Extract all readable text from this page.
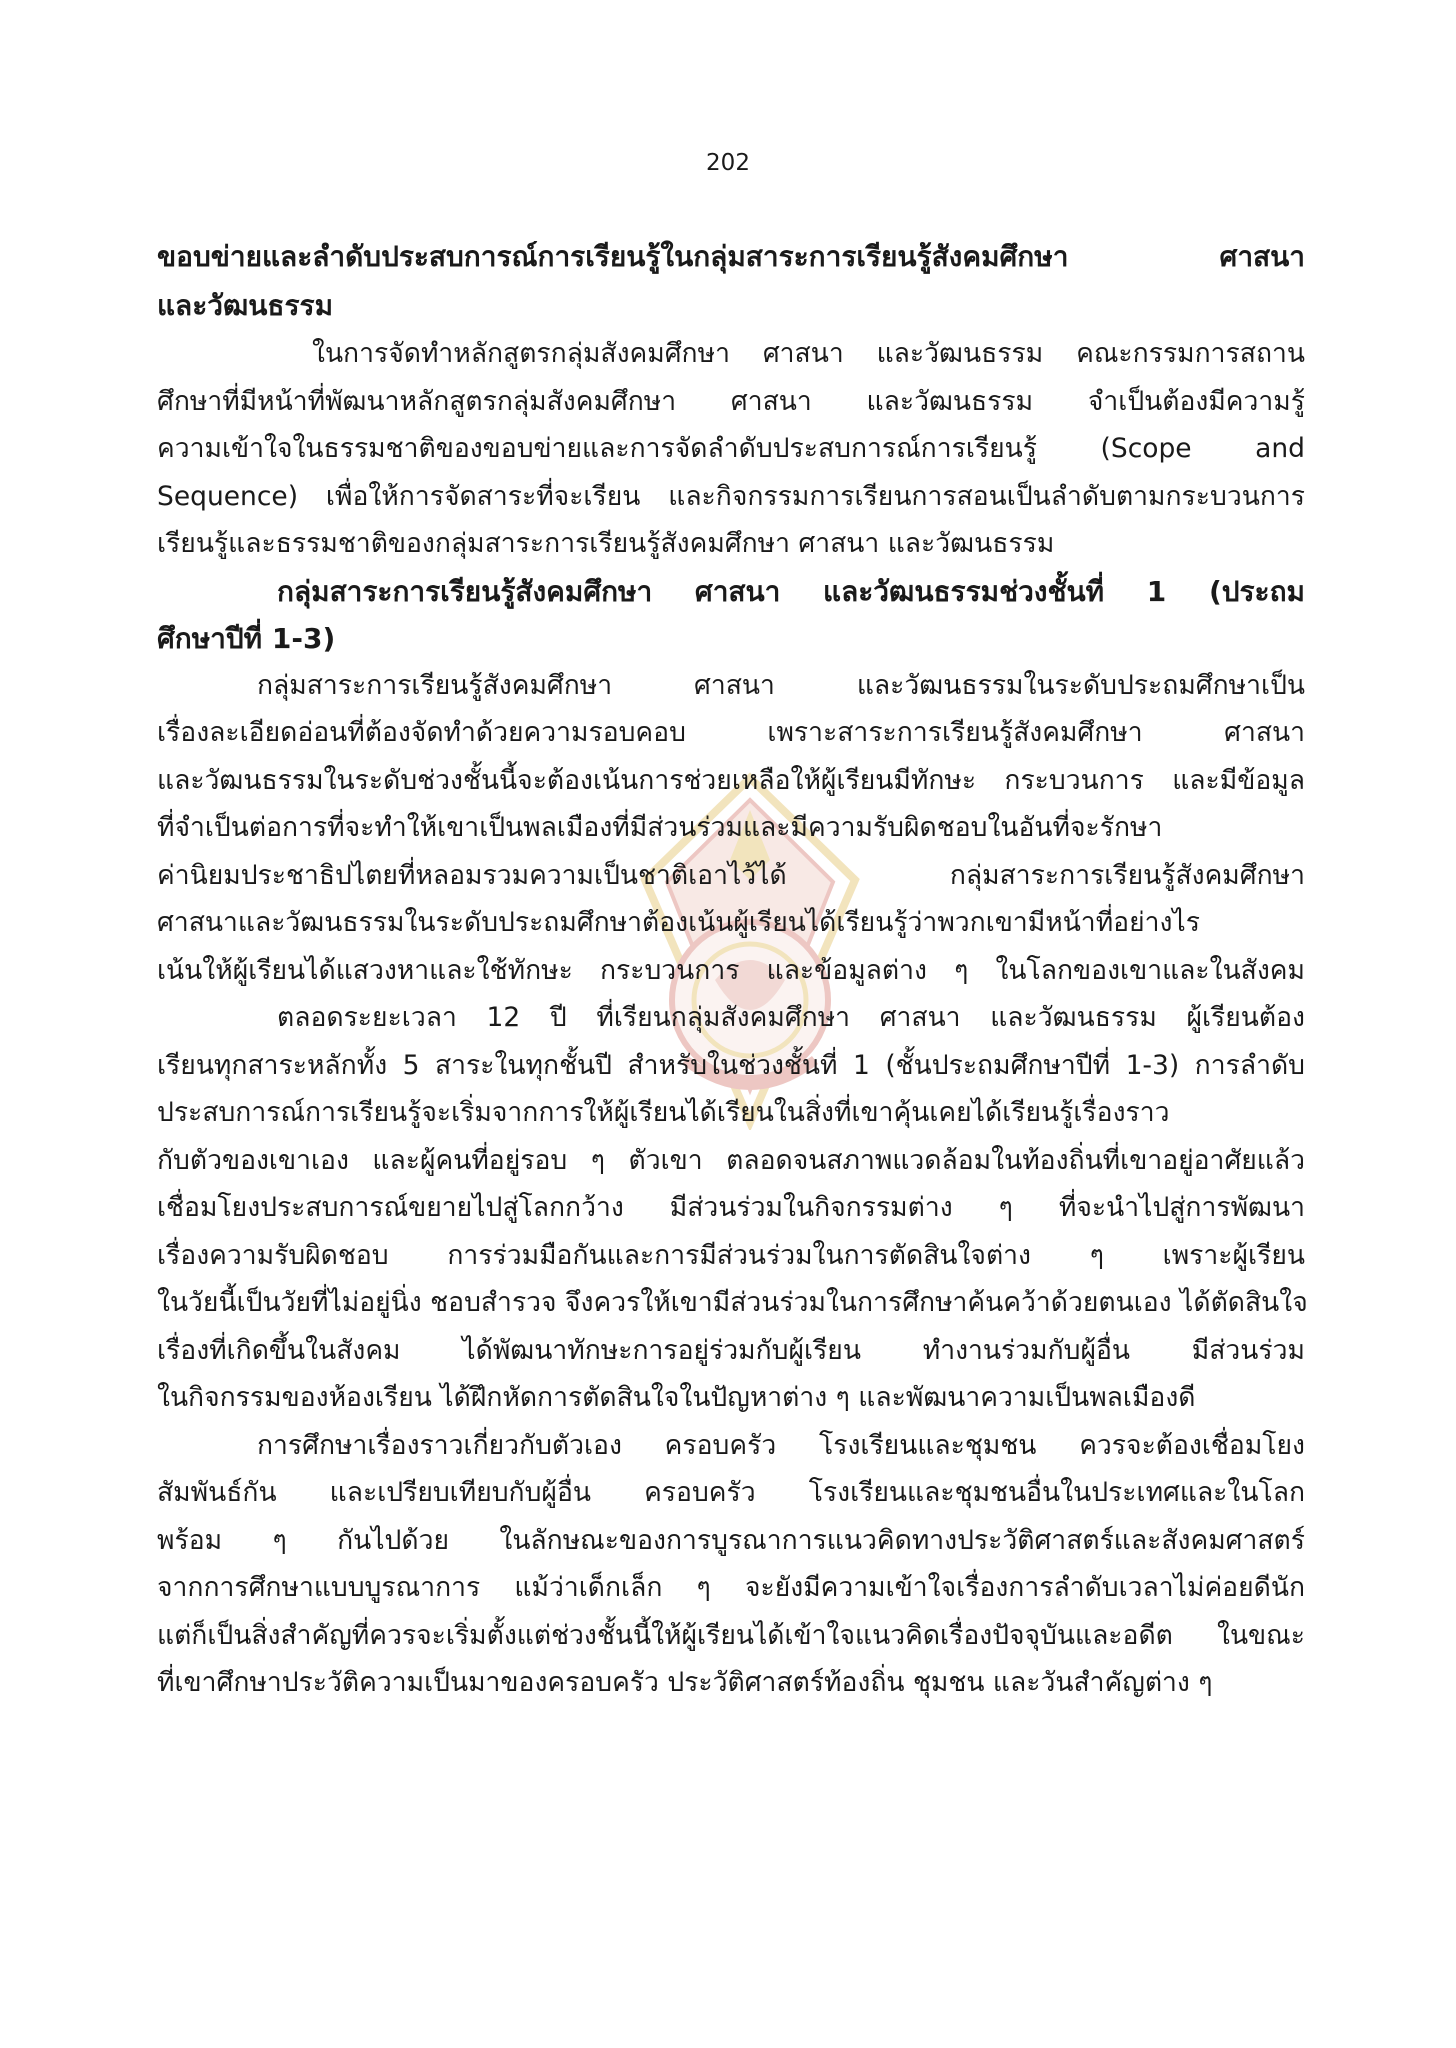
202
ขอบข่ายและลำดับประสบการณ์การเรียนรู้ในกลุ่มสาระการเรียนรู้สังคมศึกษา ศาสนา
และวัฒนธรรม
ในการจัดทำหลักสูตรกลุ่มสังคมศึกษา ศาสนา และวัฒนธรรม คณะกรรมการสถาน
ศึกษาที่มีหน้าที่พัฒนาหลักสูตรกลุ่มสังคมศึกษา ศาสนา และวัฒนธรรม จำเป็นต้องมีความรู้
ความเข้าใจในธรรมชาติของขอบข่ายและการจัดลำดับประสบการณ์การเรียนรู้ (Scope and
Sequence) เพื่อให้การจัดสาระที่จะเรียน และกิจกรรมการเรียนการสอนเป็นลำดับตามกระบวนการ
เรียนรู้และธรรมชาติของกลุ่มสาระการเรียนรู้สังคมศึกษา ศาสนา และวัฒนธรรม
กลุ่มสาระการเรียนรู้สังคมศึกษา ศาสนา และวัฒนธรรมช่วงชั้นที่ 1 (ประถม
ศึกษาปีที่ 1-3)
กลุ่มสาระการเรียนรู้สังคมศึกษา ศาสนา และวัฒนธรรมในระดับประถมศึกษาเป็น
เรื่องละเอียดอ่อนที่ต้องจัดทำด้วยความรอบคอบ เพราะสาระการเรียนรู้สังคมศึกษา ศาสนา
และวัฒนธรรมในระดับช่วงชั้นนี้จะต้องเน้นการช่วยเหลือให้ผู้เรียนมีทักษะ กระบวนการ และมีข้อมูล
ที่จำเป็นต่อการที่จะทำให้เขาเป็นพลเมืองที่มีส่วนร่วมและมีความรับผิดชอบในอันที่จะรักษา
ค่านิยมประชาธิปไตยที่หลอมรวมความเป็นชาติเอาไว้ได้ กลุ่มสาระการเรียนรู้สังคมศึกษา
ศาสนาและวัฒนธรรมในระดับประถมศึกษาต้องเน้นผู้เรียนได้เรียนรู้ว่าพวกเขามีหน้าที่อย่างไร
เน้นให้ผู้เรียนได้แสวงหาและใช้ทักษะ กระบวนการ และข้อมูลต่าง ๆ ในโลกของเขาและในสังคม
ตลอดระยะเวลา 12 ปี ที่เรียนกลุ่มสังคมศึกษา ศาสนา และวัฒนธรรม ผู้เรียนต้อง
เรียนทุกสาระหลักทั้ง 5 สาระในทุกชั้นปี สำหรับในช่วงชั้นที่ 1 (ชั้นประถมศึกษาปีที่ 1-3) การลำดับ
ประสบการณ์การเรียนรู้จะเริ่มจากการให้ผู้เรียนได้เรียนในสิ่งที่เขาคุ้นเคยได้เรียนรู้เรื่องราว
กับตัวของเขาเอง และผู้คนที่อยู่รอบ ๆ ตัวเขา ตลอดจนสภาพแวดล้อมในท้องถิ่นที่เขาอยู่อาศัยแล้ว
เชื่อมโยงประสบการณ์ขยายไปสู่โลกกว้าง มีส่วนร่วมในกิจกรรมต่าง ๆ ที่จะนำไปสู่การพัฒนา
เรื่องความรับผิดชอบ การร่วมมือกันและการมีส่วนร่วมในการตัดสินใจต่าง ๆ เพราะผู้เรียน
ในวัยนี้เป็นวัยที่ไม่อยู่นิ่ง ชอบสำรวจ จึงควรให้เขามีส่วนร่วมในการศึกษาค้นคว้าด้วยตนเอง ได้ตัดสินใจ
เรื่องที่เกิดขึ้นในสังคม ได้พัฒนาทักษะการอยู่ร่วมกับผู้เรียน ทำงานร่วมกับผู้อื่น มีส่วนร่วม
ในกิจกรรมของห้องเรียน ได้ฝึกหัดการตัดสินใจในปัญหาต่าง ๆ และพัฒนาความเป็นพลเมืองดี
การศึกษาเรื่องราวเกี่ยวกับตัวเอง ครอบครัว โรงเรียนและชุมชน ควรจะต้องเชื่อมโยง
สัมพันธ์กัน และเปรียบเทียบกับผู้อื่น ครอบครัว โรงเรียนและชุมชนอื่นในประเทศและในโลก
พร้อม ๆ กันไปด้วย ในลักษณะของการบูรณาการแนวคิดทางประวัติศาสตร์และสังคมศาสตร์
จากการศึกษาแบบบูรณาการ แม้ว่าเด็กเล็ก ๆ จะยังมีความเข้าใจเรื่องการลำดับเวลาไม่ค่อยดีนัก
แต่ก็เป็นสิ่งสำคัญที่ควรจะเริ่มตั้งแต่ช่วงชั้นนี้ให้ผู้เรียนได้เข้าใจแนวคิดเรื่องปัจจุบันและอดีต ในขณะ
ที่เขาศึกษาประวัติความเป็นมาของครอบครัว ประวัติศาสตร์ท้องถิ่น ชุมชน และวันสำคัญต่าง ๆ
